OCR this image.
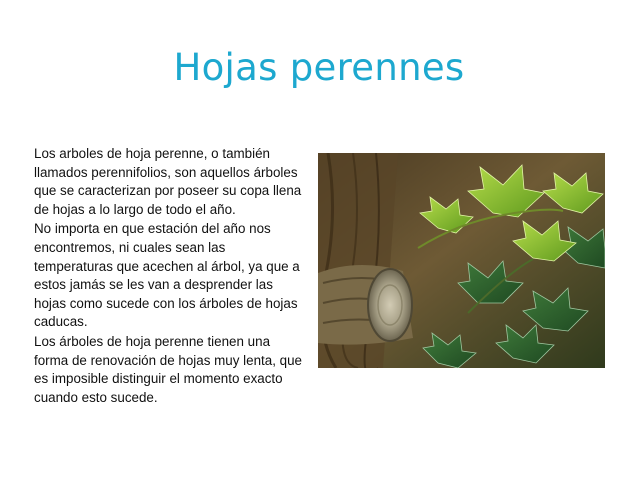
Hojas perennes

Los arboles de hoja perenne, o también llamados perennifolios, son aquellos árboles que se caracterizan por poseer su copa llena de hojas a lo largo de todo el año.

No importa en que estación del año nos encontremos, ni cuales sean las temperaturas que acechen al árbol, ya que a estos jamás se les van a desprender las hojas como sucede con los árboles de hojas caducas.

Los árboles de hoja perenne tienen una forma de renovación de hojas muy lenta, que es imposible distinguir el momento exacto cuando esto sucede.
